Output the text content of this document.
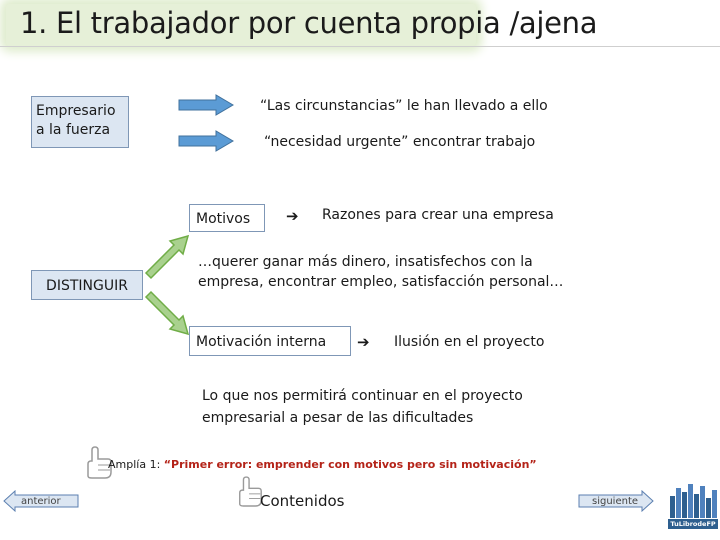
1. El trabajador por cuenta propia /ajena
Empresario
a la fuerza
“Las circunstancias” le han llevado a ello
“necesidad urgente” encontrar trabajo
DISTINGUIR
Motivos	➔ Razones para crear una empresa
…querer ganar más dinero, insatisfechos con la
empresa, encontrar empleo, satisfacción personal…
Motivación interna	➔ Ilusión en el proyecto
Lo que nos permitirá continuar en el proyecto
empresarial a pesar de las dificultades
Amplía 1: “Primer error: emprender con motivos pero sin motivación”
anterior	Contenidos	siguiente
TuLibrodeFP
